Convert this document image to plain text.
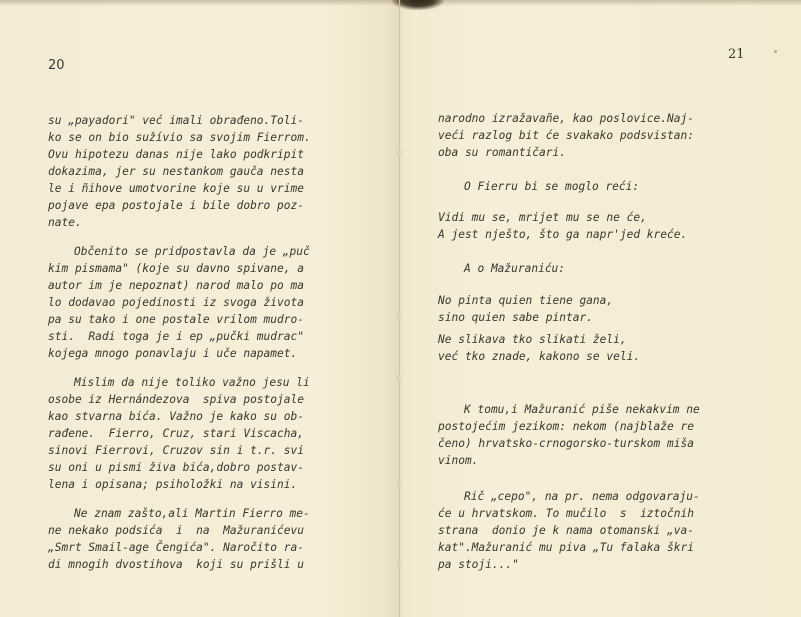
20
su „payadori" već imali obrađeno.Toli-
ko se on bio sužívio sa svojim Fierrom.
Ovu hipotezu danas nije lako podkripit
dokazima, jer su nestankom gauča nesta
le i ñihove umotvorine koje su u vrime
pojave epa postojale i bile dobro poz-
nate.
Občenito se pridpostavla da je „puč
kim pismama" (koje su davno spivane, a
autor im je nepoznat) narod malo po ma
lo dodavao pojedinosti iz svoga života
pa su tako i one postale vrilom mudro-
sti.  Radi toga je i ep „pučki mudrac"
kojega mnogo ponavlaju i uče napamet.
Mislim da nije toliko važno jesu li
osobe iz Hernándezova  spiva postojale
kao stvarna bića. Važno je kako su ob-
rađene.  Fierro, Cruz, stari Viscacha,
sinovi Fierrovi, Cruzov sin i t.r. svi
su oni u pismi živa bića,dobro postav-
lena i opisana; psiholožki na visini.
Ne znam zašto,ali Martin Fierro me-
ne nekako podsića  i  na  Mažuranićevu
„Smrt Smail-age Čengića". Naročito ra-
di mnogih dvostihova  koji su prišli u
21
narodno izražavañe, kao poslovice.Naj-
veći razlog bit će svakako podsvistan:
oba su romantičari.
O Fierru bi se moglo reći:
Vidi mu se, mrijet mu se ne će,
A jest nješto, što ga napr'jed kreće.
A o Mažuraniću:
No pinta quien tiene gana,
sino quien sabe pintar.
Ne slikava tko slikati želi,
već tko znade, kakono se veli.
K tomu,i Mažuranić piše nekakvim ne
postojećim jezikom: nekom (najblaže re
čeno) hrvatsko-crnogorsko-turskom miša
vinom.
Rič „cepo", na pr. nema odgovaraju-
će u hrvatskom. To mučilo  s  iztočnih
strana  donio je k nama otomanski „va-
kat".Mažuranić mu piva „Tu falaka škri
pa stoji..."
